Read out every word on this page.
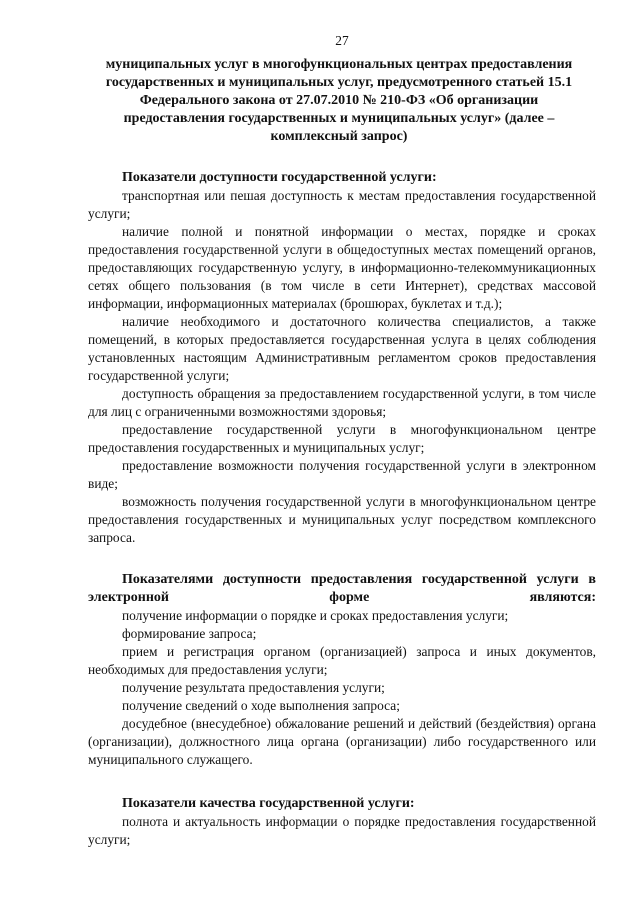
27
муниципальных услуг в многофункциональных центрах предоставления государственных и муниципальных услуг, предусмотренного статьей 15.1 Федерального закона от 27.07.2010 № 210-ФЗ «Об организации предоставления государственных и муниципальных услуг» (далее – комплексный запрос)
Показатели доступности государственной услуги:

транспортная или пешая доступность к местам предоставления государственной услуги;

наличие полной и понятной информации о местах, порядке и сроках предоставления государственной услуги в общедоступных местах помещений органов, предоставляющих государственную услугу, в информационно-телекоммуникационных сетях общего пользования (в том числе в сети Интернет), средствах массовой информации, информационных материалах (брошюрах, буклетах и т.д.);

наличие необходимого и достаточного количества специалистов, а также помещений, в которых предоставляется государственная услуга в целях соблюдения установленных настоящим Административным регламентом сроков предоставления государственной услуги;

доступность обращения за предоставлением государственной услуги, в том числе для лиц с ограниченными возможностями здоровья;

предоставление государственной услуги в многофункциональном центре предоставления государственных и муниципальных услуг;

предоставление возможности получения государственной услуги в электронном виде;

возможность получения государственной услуги в многофункциональном центре предоставления государственных и муниципальных услуг посредством комплексного запроса.

Показателями доступности предоставления государственной услуги в электронной форме являются:

получение информации о порядке и сроках предоставления услуги;

формирование запроса;

прием и регистрация органом (организацией) запроса и иных документов, необходимых для предоставления услуги;

получение результата предоставления услуги;

получение сведений о ходе выполнения запроса;

досудебное (внесудебное) обжалование решений и действий (бездействия) органа (организации), должностного лица органа (организации) либо государственного или муниципального служащего.

Показатели качества государственной услуги:

полнота и актуальность информации о порядке предоставления государственной услуги;
